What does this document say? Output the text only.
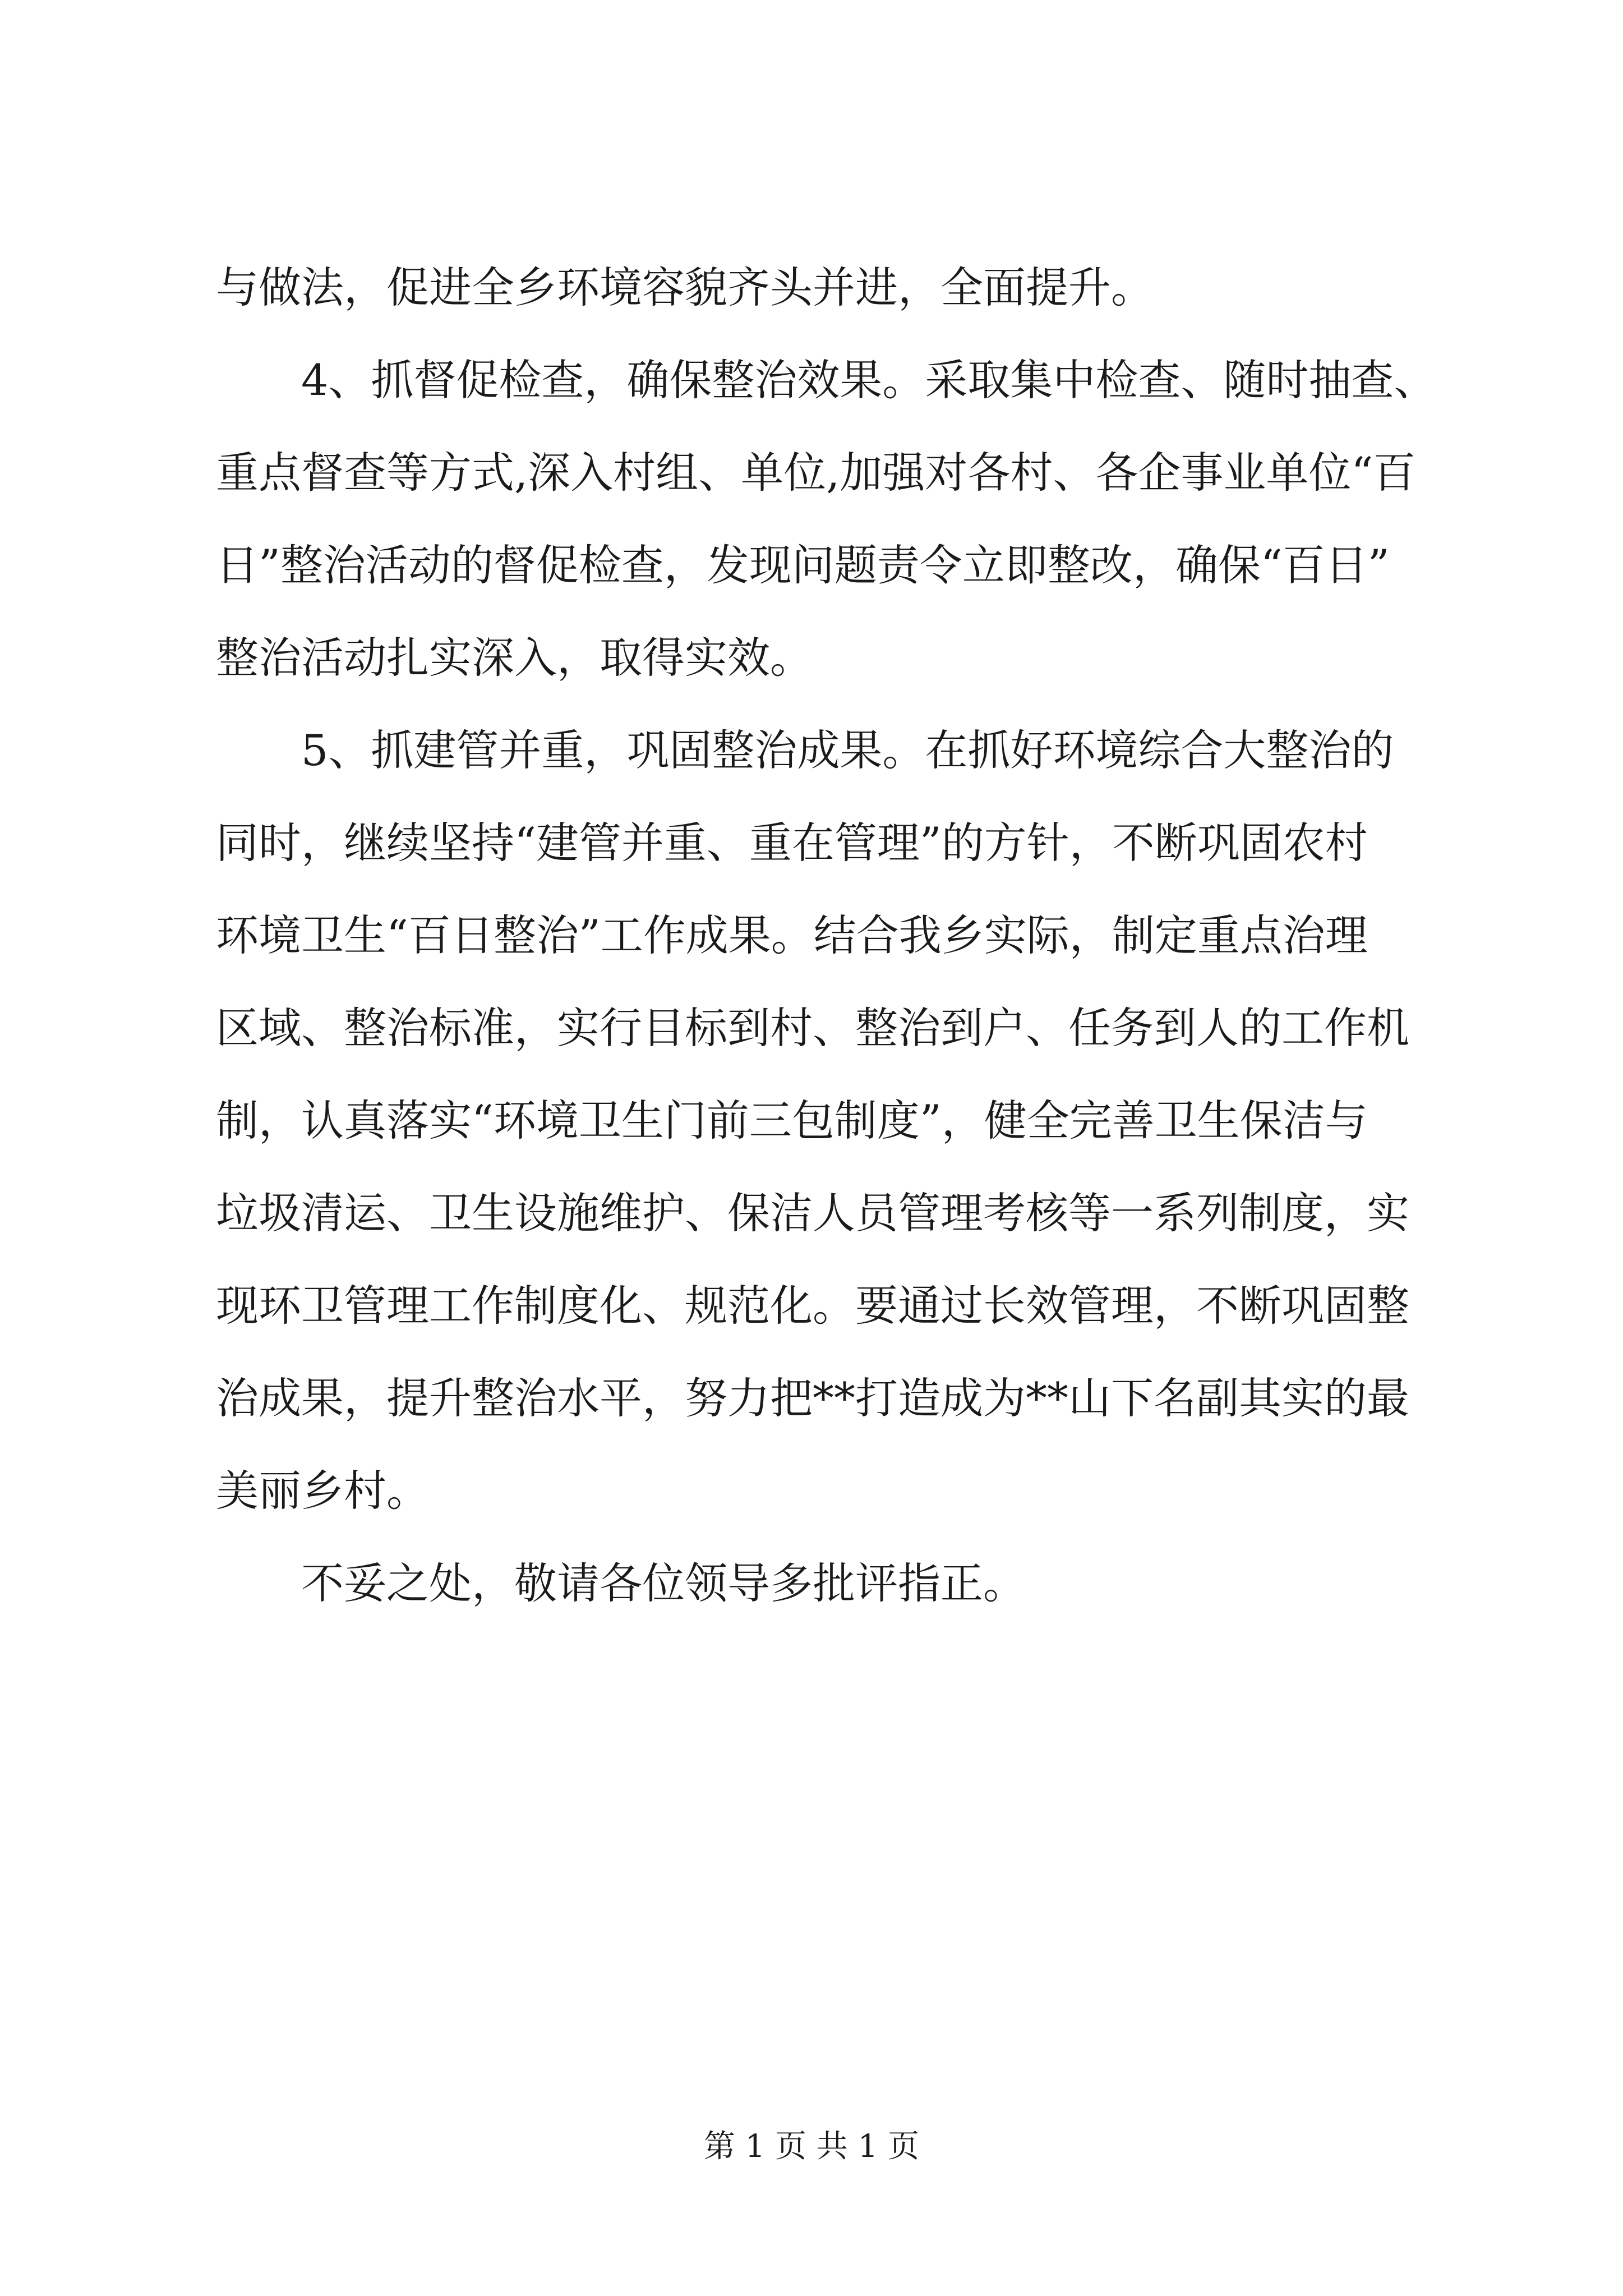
与做法，促进全乡环境容貌齐头并进，全面提升。
4、抓督促检查，确保整治效果。采取集中检查、随时抽查、
重点督查等方式,深入村组、单位,加强对各村、各企事业单位“百
日”整治活动的督促检查，发现问题责令立即整改，确保“百日”
整治活动扎实深入，取得实效。
5、抓建管并重，巩固整治成果。在抓好环境综合大整治的
同时，继续坚持“建管并重、重在管理”的方针，不断巩固农村
环境卫生“百日整治”工作成果。结合我乡实际，制定重点治理
区域、整治标准，实行目标到村、整治到户、任务到人的工作机
制，认真落实“环境卫生门前三包制度”，健全完善卫生保洁与
垃圾清运、卫生设施维护、保洁人员管理考核等一系列制度，实
现环卫管理工作制度化、规范化。要通过长效管理，不断巩固整
治成果，提升整治水平，努力把**打造成为**山下名副其实的最
美丽乡村。
不妥之处，敬请各位领导多批评指正。
第 1 页 共 1 页
